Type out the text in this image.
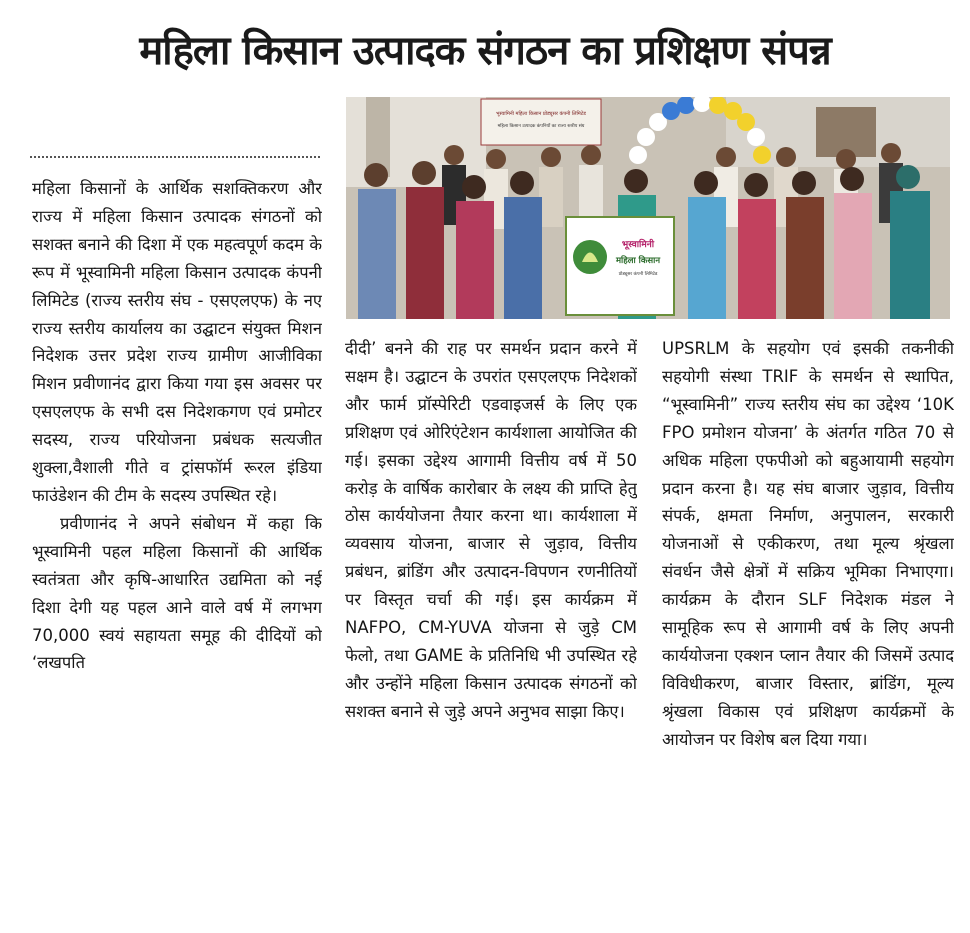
महिला किसान उत्पादक संगठन का प्रशिक्षण संपन्न
भूस्वामिनी महिला किसान प्रोड्यूसर कंपनी लिमिटेड
महिला किसान उत्पादक कंपनियों का राज्य स्तरीय संघ
भूस्वामिनी
महिला किसान
प्रोड्यूसर कंपनी लिमिटेड

महिला किसानों के आर्थिक सशक्तिकरण और राज्य में महिला किसान उत्पादक संगठनों को सशक्त बनाने की दिशा में एक महत्वपूर्ण कदम के रूप में भूस्वामिनी महिला किसान उत्पादक कंपनी लिमिटेड (राज्य स्तरीय संघ - एसएलएफ) के नए राज्य स्तरीय कार्यालय का उद्घाटन संयुक्त मिशन निदेशक उत्तर प्रदेश राज्य ग्रामीण आजीविका मिशन प्रवीणानंद द्वारा किया गया इस अवसर पर एसएलएफ के सभी दस निदेशकगण एवं प्रमोटर सदस्य, राज्य परियोजना प्रबंधक सत्यजीत शुक्ला,वैशाली गीते व ट्रांसफॉर्म रूरल इंडिया फाउंडेशन की टीम के सदस्य उपस्थित रहे।

प्रवीणानंद ने अपने संबोधन में कहा कि भूस्वामिनी पहल महिला किसानों की आर्थिक स्वतंत्रता और कृषि-आधारित उद्यमिता को नई दिशा देगी यह पहल आने वाले वर्ष में लगभग 70,000 स्वयं सहायता समूह की दीदियों को ‘लखपति

दीदी’ बनने की राह पर समर्थन प्रदान करने में सक्षम है। उद्घाटन के उपरांत एसएलएफ निदेशकों और फार्म प्रॉस्पेरिटी एडवाइजर्स के लिए एक प्रशिक्षण एवं ओरिएंटेशन कार्यशाला आयोजित की गई। इसका उद्देश्य आगामी वित्तीय वर्ष में 50 करोड़ के वार्षिक कारोबार के लक्ष्य की प्राप्ति हेतु ठोस कार्ययोजना तैयार करना था। कार्यशाला में व्यवसाय योजना, बाजार से जुड़ाव, वित्तीय प्रबंधन, ब्रांडिंग और उत्पादन-विपणन रणनीतियों पर विस्तृत चर्चा की गई। इस कार्यक्रम में NAFPO, CM-YUVA योजना से जुड़े CM फेलो, तथा GAME के प्रतिनिधि भी उपस्थित रहे और उन्होंने महिला किसान उत्पादक संगठनों को सशक्त बनाने से जुड़े अपने अनुभव साझा किए।

UPSRLM के सहयोग एवं इसकी तकनीकी सहयोगी संस्था TRIF के समर्थन से स्थापित, “भूस्वामिनी” राज्य स्तरीय संघ का उद्देश्य ‘10K FPO प्रमोशन योजना’ के अंतर्गत गठित 70 से अधिक महिला एफपीओ को बहुआयामी सहयोग प्रदान करना है। यह संघ बाजार जुड़ाव, वित्तीय संपर्क, क्षमता निर्माण, अनुपालन, सरकारी योजनाओं से एकीकरण, तथा मूल्य श्रृंखला संवर्धन जैसे क्षेत्रों में सक्रिय भूमिका निभाएगा। कार्यक्रम के दौरान SLF निदेशक मंडल ने सामूहिक रूप से आगामी वर्ष के लिए अपनी कार्ययोजना एक्शन प्लान तैयार की जिसमें उत्पाद विविधीकरण, बाजार विस्तार, ब्रांडिंग, मूल्य श्रृंखला विकास एवं प्रशिक्षण कार्यक्रमों के आयोजन पर विशेष बल दिया गया।
